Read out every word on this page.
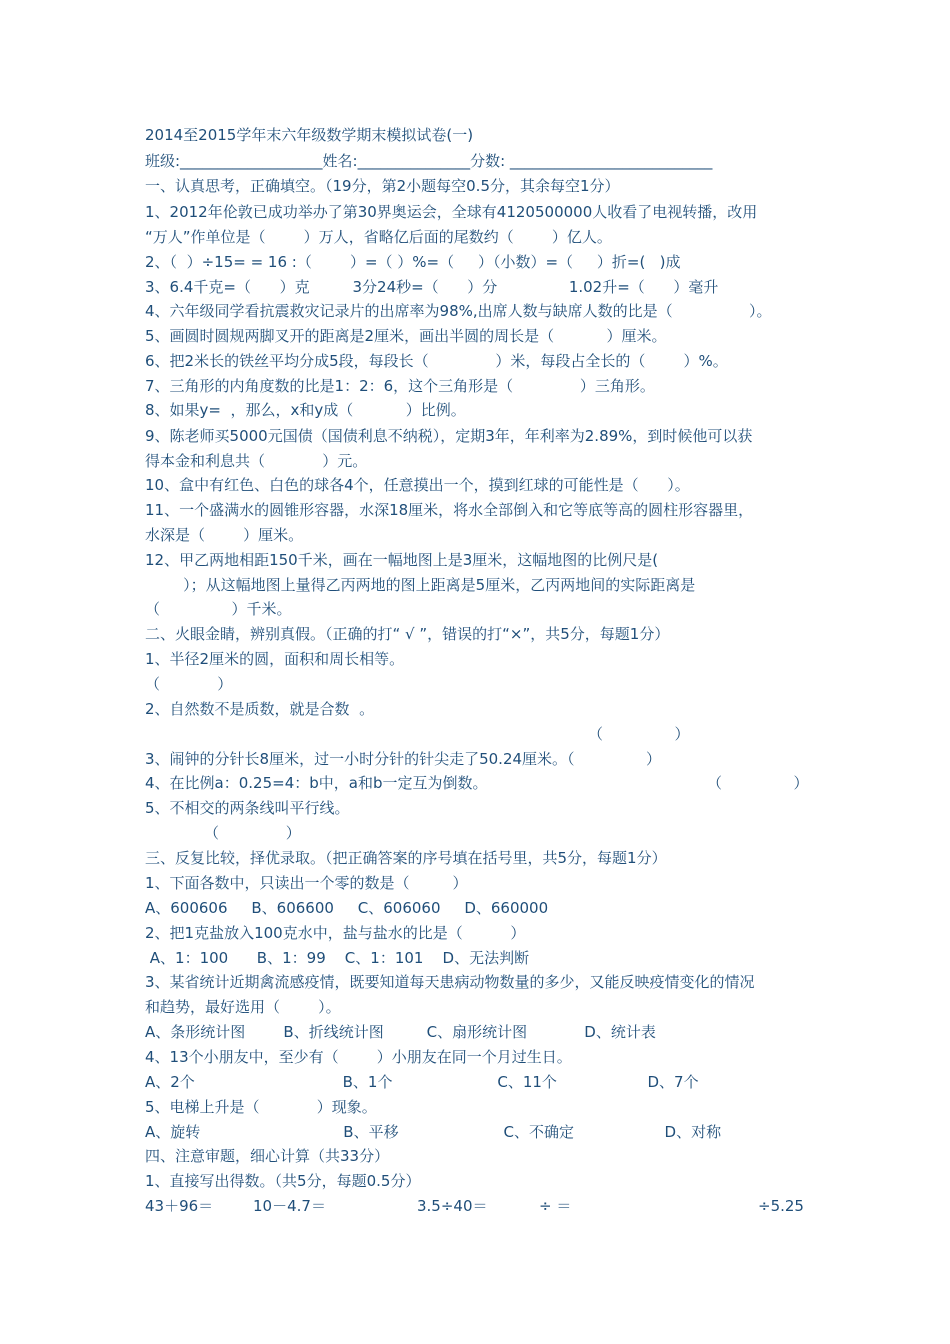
2014至2015学年末六年级数学期末模拟试卷(一)

班级:___________________姓名:_______________分数: ___________________________

一、认真思考，正确填空。（19分，第2小题每空0.5分，其余每空1分）

1、2012年伦敦已成功举办了第30界奥运会，全球有4120500000人收看了电视转播，改用

“万人”作单位是（        ）万人，省略亿后面的尾数约（        ）亿人。

2、（  ）÷15= = 16 :（        ）=（ ）%=（     ）（小数）=（     ）折=(   )成

3、6.4千克=（      ）克         3分24秒=（      ）分               1.02升=（      ）毫升

4、六年级同学看抗震救灾记录片的出席率为98%,出席人数与缺席人数的比是（                ）。

5、画圆时圆规两脚叉开的距离是2厘米，画出半圆的周长是（           ）厘米。

6、把2米长的铁丝平均分成5段，每段长（              ）米，每段占全长的（        ）%。

7、三角形的内角度数的比是1：2：6，这个三角形是（              ）三角形。

8、如果y=  ，那么，x和y成（           ）比例。

9、陈老师买5000元国债（国债利息不纳税），定期3年，年利率为2.89%，到时候他可以获

得本金和利息共（            ）元。

10、盒中有红色、白色的球各4个，任意摸出一个，摸到红球的可能性是（      ）。

11、一个盛满水的圆锥形容器，水深18厘米，将水全部倒入和它等底等高的圆柱形容器里，

水深是（        ）厘米。

12、甲乙两地相距150千米，画在一幅地图上是3厘米，这幅地图的比例尺是(

）；从这幅地图上量得乙丙两地的图上距离是5厘米，乙丙两地间的实际距离是

（               ）千米。

二、火眼金睛，辨别真假。（正确的打“ √ ”，错误的打“×”，共5分，每题1分）

1、半径2厘米的圆，面积和周长相等。

（            ）

2、自然数不是质数，就是合数  。

（               ）

3、闹钟的分针长8厘米，过一小时分针的针尖走了50.24厘米。（               ）

4、在比例a：0.25=4：b中，a和b一定互为倒数。	（               ）

5、不相交的两条线叫平行线。

（              ）

三、反复比较，择优录取。（把正确答案的序号填在括号里，共5分，每题1分）

1、下面各数中，只读出一个零的数是（         ）

A、600606     B、606600     C、606060     D、660000

2、把1克盐放入100克水中，盐与盐水的比是（          ）

A、1：100      B、1：99    C、1：101    D、无法判断

3、某省统计近期禽流感疫情，既要知道每天患病动物数量的多少，又能反映疫情变化的情况

和趋势，最好选用（        ）。

A、条形统计图        B、折线统计图         C、扇形统计图            D、统计表

4、13个小朋友中，至少有（        ）小朋友在同一个月过生日。

A、2个                               B、1个                      C、11个                   D、7个

5、电梯上升是（            ）现象。

A、旋转                              B、平移                      C、不确定                   D、对称

四、注意审题，细心计算（共33分）

1、直接写出得数。（共5分，每题0.5分）

43＋96＝	10－4.7＝	3.5÷40＝	÷ ＝	÷5.25
